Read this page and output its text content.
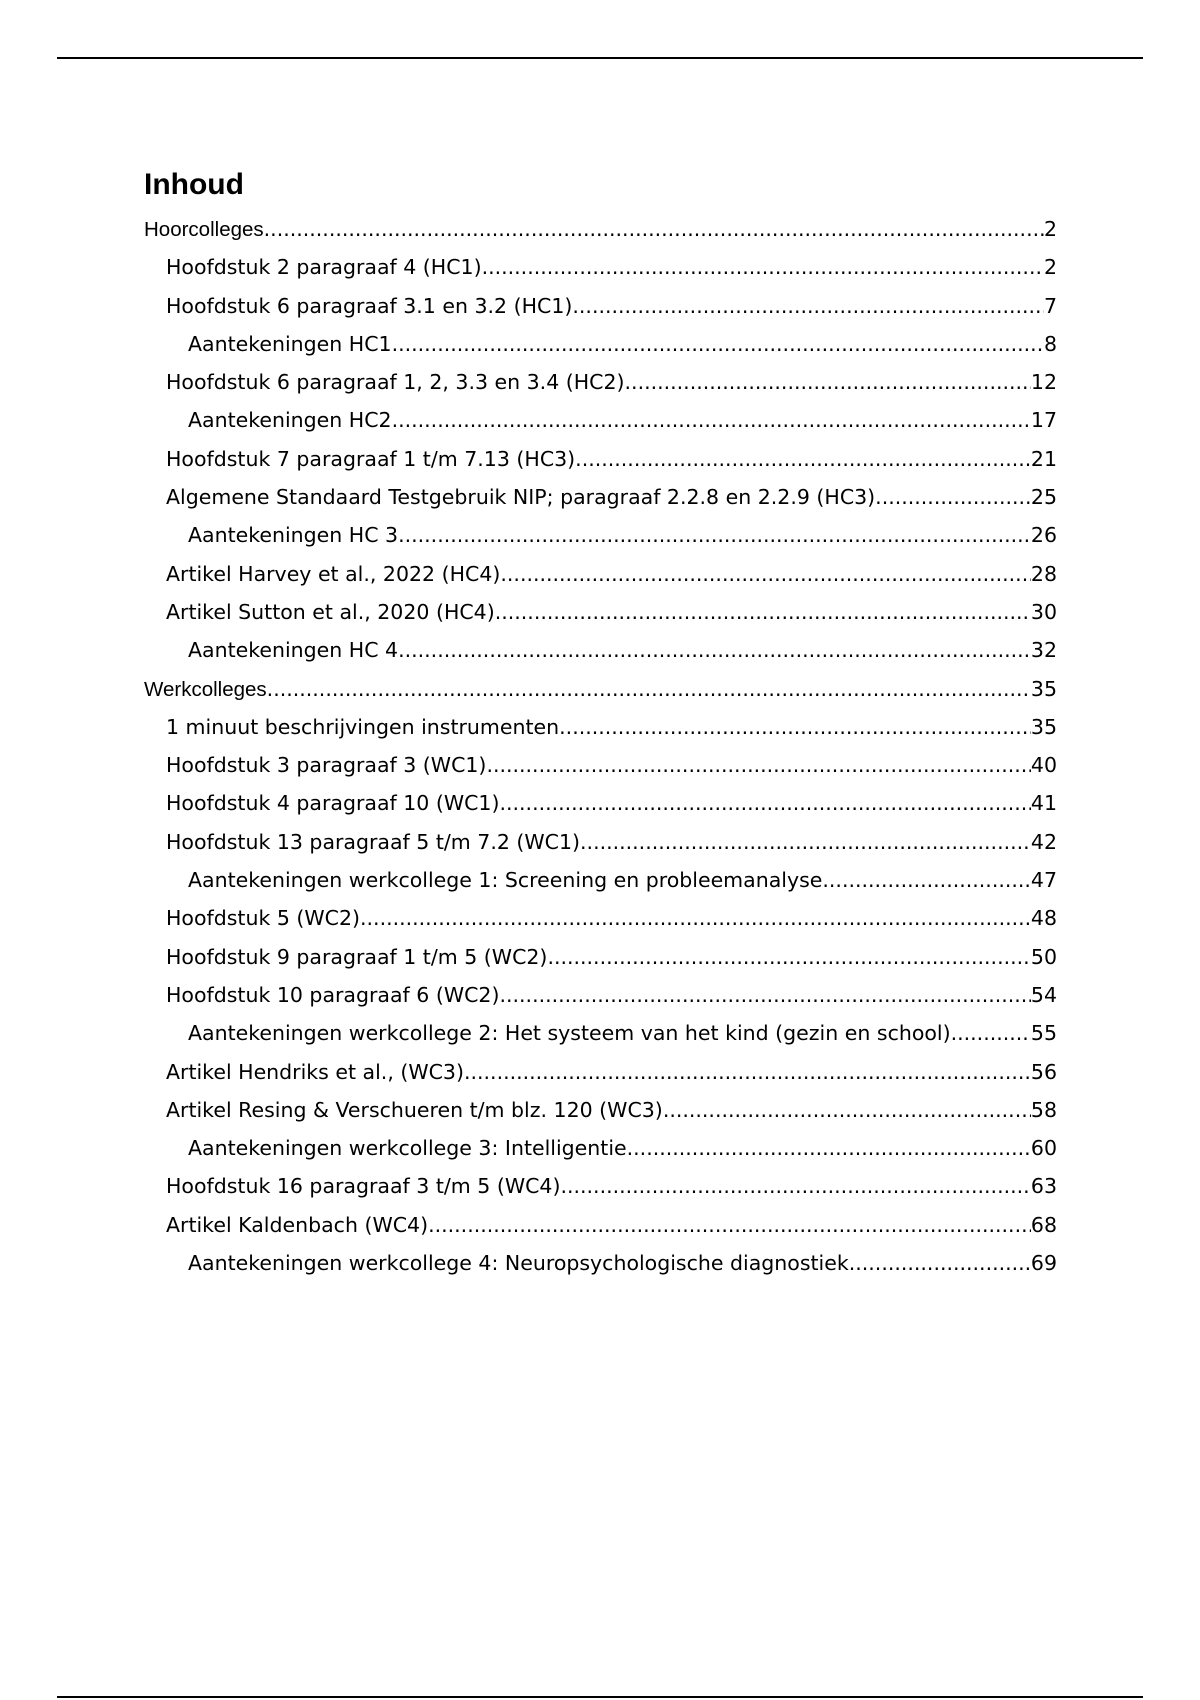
Inhoud
Hoorcolleges .....	2
Hoofdstuk 2 paragraaf 4 (HC1) .....	2
Hoofdstuk 6 paragraaf 3.1 en 3.2 (HC1) .....	7
Aantekeningen HC1 .....	8
Hoofdstuk 6 paragraaf 1, 2, 3.3 en 3.4 (HC2) .....	12
Aantekeningen HC2 .....	17
Hoofdstuk 7 paragraaf 1 t/m 7.13 (HC3) .....	21
Algemene Standaard Testgebruik NIP; paragraaf 2.2.8 en 2.2.9 (HC3) .....	25
Aantekeningen HC 3 .....	26
Artikel Harvey et al., 2022 (HC4) .....	28
Artikel Sutton et al., 2020 (HC4) .....	30
Aantekeningen HC 4 .....	32
Werkcolleges .....	35
1 minuut beschrijvingen instrumenten .....	35
Hoofdstuk 3 paragraaf 3 (WC1) .....	40
Hoofdstuk 4 paragraaf 10 (WC1) .....	41
Hoofdstuk 13 paragraaf 5 t/m 7.2 (WC1) .....	42
Aantekeningen werkcollege 1: Screening en probleemanalyse .....	47
Hoofdstuk 5 (WC2) .....	48
Hoofdstuk 9 paragraaf 1 t/m 5 (WC2) .....	50
Hoofdstuk 10 paragraaf 6 (WC2) .....	54
Aantekeningen werkcollege 2: Het systeem van het kind (gezin en school) .....	55
Artikel Hendriks et al., (WC3) .....	56
Artikel Resing & Verschueren t/m blz. 120 (WC3) .....	58
Aantekeningen werkcollege 3: Intelligentie .....	60
Hoofdstuk 16 paragraaf 3 t/m 5 (WC4) .....	63
Artikel Kaldenbach (WC4) .....	68
Aantekeningen werkcollege 4: Neuropsychologische diagnostiek .....	69
